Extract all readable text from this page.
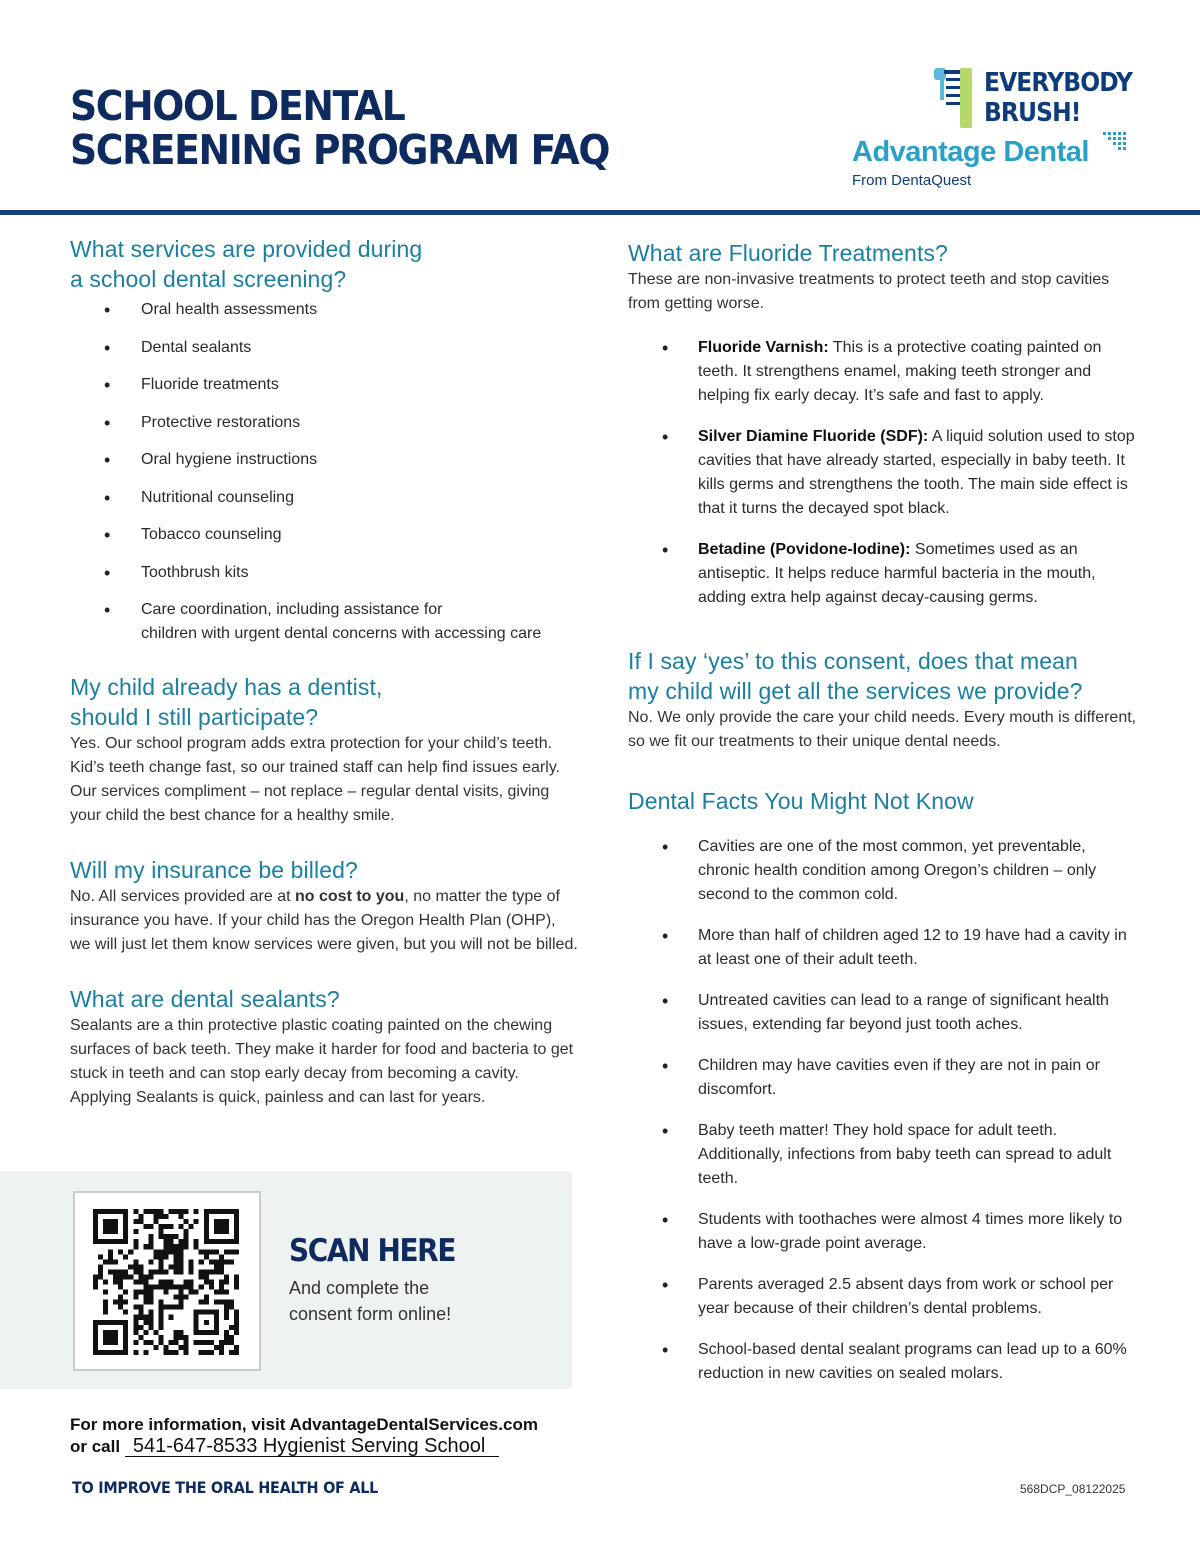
SCHOOL DENTAL
SCREENING PROGRAM FAQ
EVERYBODY
BRUSH!
Advantage Dental
From DentaQuest
What services are provided during
a school dental screening?
• Oral health assessments
• Dental sealants
• Fluoride treatments
• Protective restorations
• Oral hygiene instructions
• Nutritional counseling
• Tobacco counseling
• Toothbrush kits
• Care coordination, including assistance for
children with urgent dental concerns with accessing care
My child already has a dentist,
should I still participate?

Yes. Our school program adds extra protection for your child’s teeth. Kid’s teeth change fast, so our trained staff can help find issues early. Our services compliment – not replace – regular dental visits, giving your child the best chance for a healthy smile.

Will my insurance be billed?

No. All services provided are at no cost to you, no matter the type of insurance you have. If your child has the Oregon Health Plan (OHP), we will just let them know services were given, but you will not be billed.

What are dental sealants?

Sealants are a thin protective plastic coating painted on the chewing surfaces of back teeth. They make it harder for food and bacteria to get stuck in teeth and can stop early decay from becoming a cavity. Applying Sealants is quick, painless and can last for years.

What are Fluoride Treatments?

These are non-invasive treatments to protect teeth and stop cavities from getting worse.

• Fluoride Varnish: This is a protective coating painted on teeth. It strengthens enamel, making teeth stronger and helping fix early decay. It’s safe and fast to apply.
• Silver Diamine Fluoride (SDF): A liquid solution used to stop cavities that have already started, especially in baby teeth. It kills germs and strengthens the tooth. The main side effect is that it turns the decayed spot black.
• Betadine (Povidone-Iodine): Sometimes used as an antiseptic. It helps reduce harmful bacteria in the mouth, adding extra help against decay-causing germs.
If I say ‘yes’ to this consent, does that mean
my child will get all the services we provide?

No. We only provide the care your child needs. Every mouth is different, so we fit our treatments to their unique dental needs.

Dental Facts You Might Not Know
• Cavities are one of the most common, yet preventable, chronic health condition among Oregon’s children – only second to the common cold.
• More than half of children aged 12 to 19 have had a cavity in at least one of their adult teeth.
• Untreated cavities can lead to a range of significant health issues, extending far beyond just tooth aches.
• Children may have cavities even if they are not in pain or discomfort.
• Baby teeth matter! They hold space for adult teeth. Additionally, infections from baby teeth can spread to adult teeth.
• Students with toothaches were almost 4 times more likely to have a low-grade point average.
• Parents averaged 2.5 absent days from work or school per year because of their children’s dental problems.
• School-based dental sealant programs can lead up to a 60% reduction in new cavities on sealed molars.
SCAN HERE

And complete the consent form online!

For more information, visit AdvantageDentalServices.com
or call 541-647-8533 Hygienist Serving School
TO IMPROVE THE ORAL HEALTH OF ALL	568DCP_08122025
